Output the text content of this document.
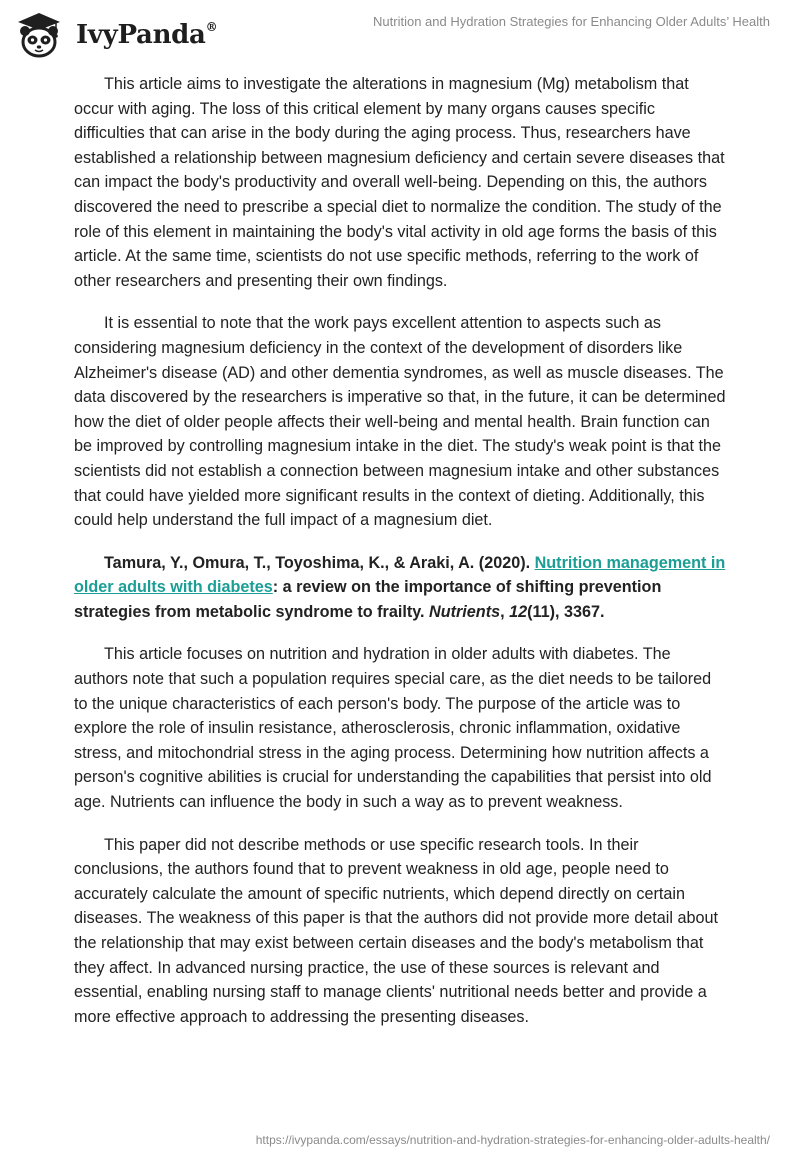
IvyPanda®	Nutrition and Hydration Strategies for Enhancing Older Adults’ Health

This article aims to investigate the alterations in magnesium (Mg) metabolism that occur with aging. The loss of this critical element by many organs causes specific difficulties that can arise in the body during the aging process. Thus, researchers have established a relationship between magnesium deficiency and certain severe diseases that can impact the body's productivity and overall well-being. Depending on this, the authors discovered the need to prescribe a special diet to normalize the condition. The study of the role of this element in maintaining the body's vital activity in old age forms the basis of this article. At the same time, scientists do not use specific methods, referring to the work of other researchers and presenting their own findings.

It is essential to note that the work pays excellent attention to aspects such as considering magnesium deficiency in the context of the development of disorders like Alzheimer's disease (AD) and other dementia syndromes, as well as muscle diseases. The data discovered by the researchers is imperative so that, in the future, it can be determined how the diet of older people affects their well-being and mental health. Brain function can be improved by controlling magnesium intake in the diet. The study's weak point is that the scientists did not establish a connection between magnesium intake and other substances that could have yielded more significant results in the context of dieting. Additionally, this could help understand the full impact of a magnesium diet.

Tamura, Y., Omura, T., Toyoshima, K., & Araki, A. (2020). Nutrition management in older adults with diabetes: a review on the importance of shifting prevention strategies from metabolic syndrome to frailty. Nutrients, 12(11), 3367.

This article focuses on nutrition and hydration in older adults with diabetes. The authors note that such a population requires special care, as the diet needs to be tailored to the unique characteristics of each person's body. The purpose of the article was to explore the role of insulin resistance, atherosclerosis, chronic inflammation, oxidative stress, and mitochondrial stress in the aging process. Determining how nutrition affects a person's cognitive abilities is crucial for understanding the capabilities that persist into old age. Nutrients can influence the body in such a way as to prevent weakness.

This paper did not describe methods or use specific research tools. In their conclusions, the authors found that to prevent weakness in old age, people need to accurately calculate the amount of specific nutrients, which depend directly on certain diseases. The weakness of this paper is that the authors did not provide more detail about the relationship that may exist between certain diseases and the body's metabolism that they affect. In advanced nursing practice, the use of these sources is relevant and essential, enabling nursing staff to manage clients' nutritional needs better and provide a more effective approach to addressing the presenting diseases.

https://ivypanda.com/essays/nutrition-and-hydration-strategies-for-enhancing-older-adults-health/
